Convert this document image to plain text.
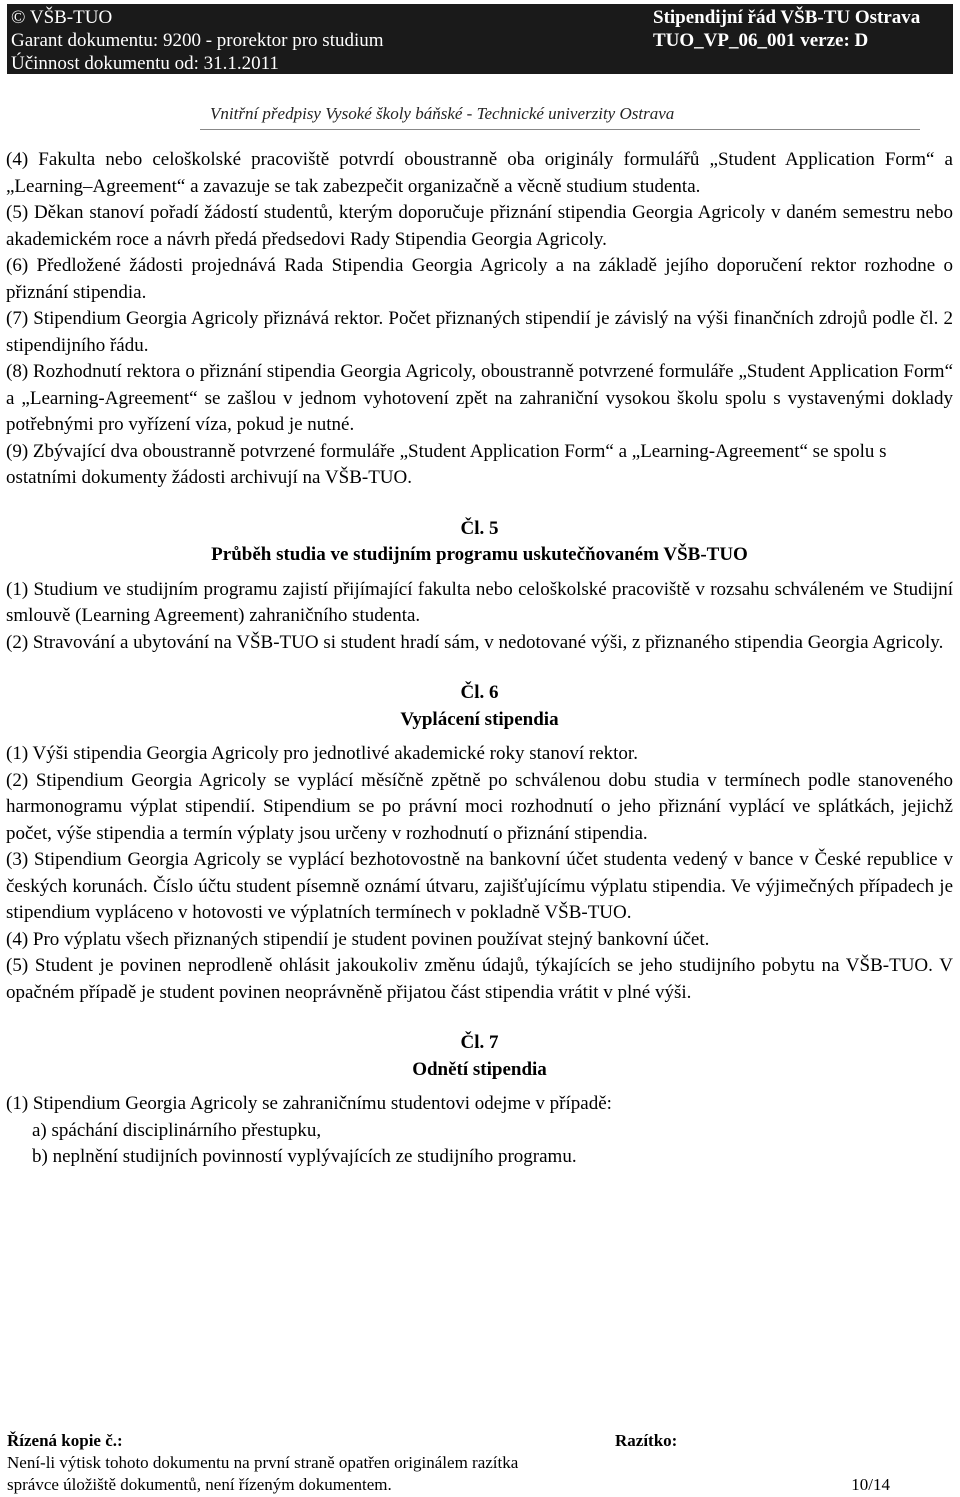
© VŠB-TUO
Garant dokumentu: 9200 - prorektor pro studium
Účinnost dokumentu od: 31.1.2011
Stipendijní řád VŠB-TU Ostrava
TUO_VP_06_001 verze: D
Vnitřní předpisy Vysoké školy báňské - Technické univerzity Ostrava

(4) Fakulta nebo celoškolské pracoviště potvrdí oboustranně oba originály formulářů „Student Application Form“ a „Learning–Agreement“ a zavazuje se tak zabezpečit organizačně a věcně studium studenta.

(5) Děkan stanoví pořadí žádostí studentů, kterým doporučuje přiznání stipendia Georgia Agricoly v daném semestru nebo akademickém roce a návrh předá předsedovi Rady Stipendia Georgia Agricoly.

(6) Předložené žádosti projednává Rada Stipendia Georgia Agricoly a na základě jejího doporučení rektor rozhodne o přiznání stipendia.

(7) Stipendium Georgia Agricoly přiznává rektor. Počet přiznaných stipendií je závislý na výši finančních zdrojů podle čl. 2 stipendijního řádu.

(8) Rozhodnutí rektora o přiznání stipendia Georgia Agricoly, oboustranně potvrzené formuláře „Student Application Form“ a „Learning-Agreement“ se zašlou v jednom vyhotovení zpět na zahraniční vysokou školu spolu s vystavenými doklady potřebnými pro vyřízení víza, pokud je nutné.

(9) Zbývající dva oboustranně potvrzené formuláře „Student Application Form“ a „Learning-Agreement“ se spolu s ostatními dokumenty žádosti archivují na VŠB-TUO.

Čl. 5

Průběh studia ve studijním programu uskutečňovaném VŠB-TUO

(1) Studium ve studijním programu zajistí přijímající fakulta nebo celoškolské pracoviště v rozsahu schváleném ve Studijní smlouvě (Learning Agreement) zahraničního studenta.

(2) Stravování a ubytování na VŠB-TUO si student hradí sám, v nedotované výši, z přiznaného stipendia Georgia Agricoly.

Čl. 6

Vyplácení stipendia

(1) Výši stipendia Georgia Agricoly pro jednotlivé akademické roky stanoví rektor.

(2) Stipendium Georgia Agricoly se vyplácí měsíčně zpětně po schválenou dobu studia v termínech podle stanoveného harmonogramu výplat stipendií. Stipendium se po právní moci rozhodnutí o jeho přiznání vyplácí ve splátkách, jejichž počet, výše stipendia a termín výplaty jsou určeny v rozhodnutí o přiznání stipendia.

(3) Stipendium Georgia Agricoly se vyplácí bezhotovostně na bankovní účet studenta vedený v bance v České republice v českých korunách. Číslo účtu student písemně oznámí útvaru, zajišťujícímu výplatu stipendia. Ve výjimečných případech je stipendium vypláceno v hotovosti ve výplatních termínech v pokladně VŠB-TUO.

(4) Pro výplatu všech přiznaných stipendií je student povinen používat stejný bankovní účet.

(5) Student je povinen neprodleně ohlásit jakoukoliv změnu údajů, týkajících se jeho studijního pobytu na VŠB-TUO. V opačném případě je student povinen neoprávněně přijatou část stipendia vrátit v plné výši.

Čl. 7

Odnětí stipendia

(1) Stipendium Georgia Agricoly se zahraničnímu studentovi odejme v případě:

a) spáchání disciplinárního přestupku,

b) neplnění studijních povinností vyplývajících ze studijního programu.

Řízená kopie č.:	Razítko:
Není-li výtisk tohoto dokumentu na první straně opatřen originálem razítka
správce úložiště dokumentů, není řízeným dokumentem.	10/14
